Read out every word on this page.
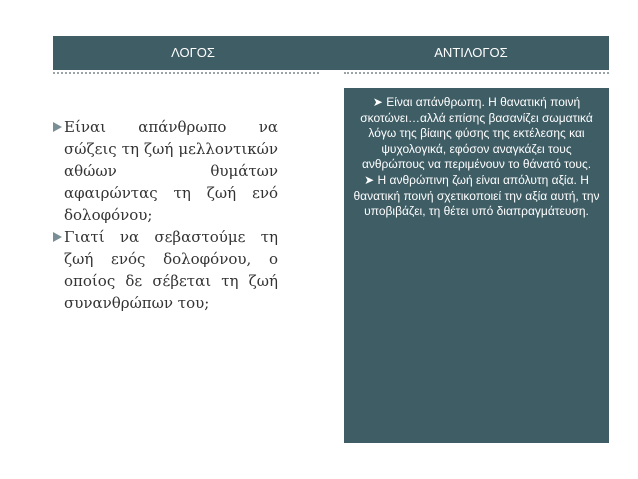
ΛΟΓΟΣ	ΑΝΤΙΛΟΓΟΣ
Είναι απάνθρωπο να σώζεις τη ζωή μελλοντικών αθώων θυμάτων αφαιρώντας τη ζωή ενό δολοφόνου;
Γιατί να σεβαστούμε τη ζωή ενός δολοφόνου, ο οποίος δε σέβεται τη ζωή συνανθρώπων του;
➤ Είναι απάνθρωπη. Η θανατική ποινή σκοτώνει…αλλά επίσης βασανίζει σωματικά λόγω της βίαιης φύσης της εκτέλεσης και ψυχολογικά, εφόσον αναγκάζει τους ανθρώπους να περιμένουν το θάνατό τους.
➤ Η ανθρώπινη ζωή είναι απόλυτη αξία. Η θανατική ποινή σχετικοποιεί την αξία αυτή, την υποβιβάζει, τη θέτει υπό διαπραγμάτευση.
